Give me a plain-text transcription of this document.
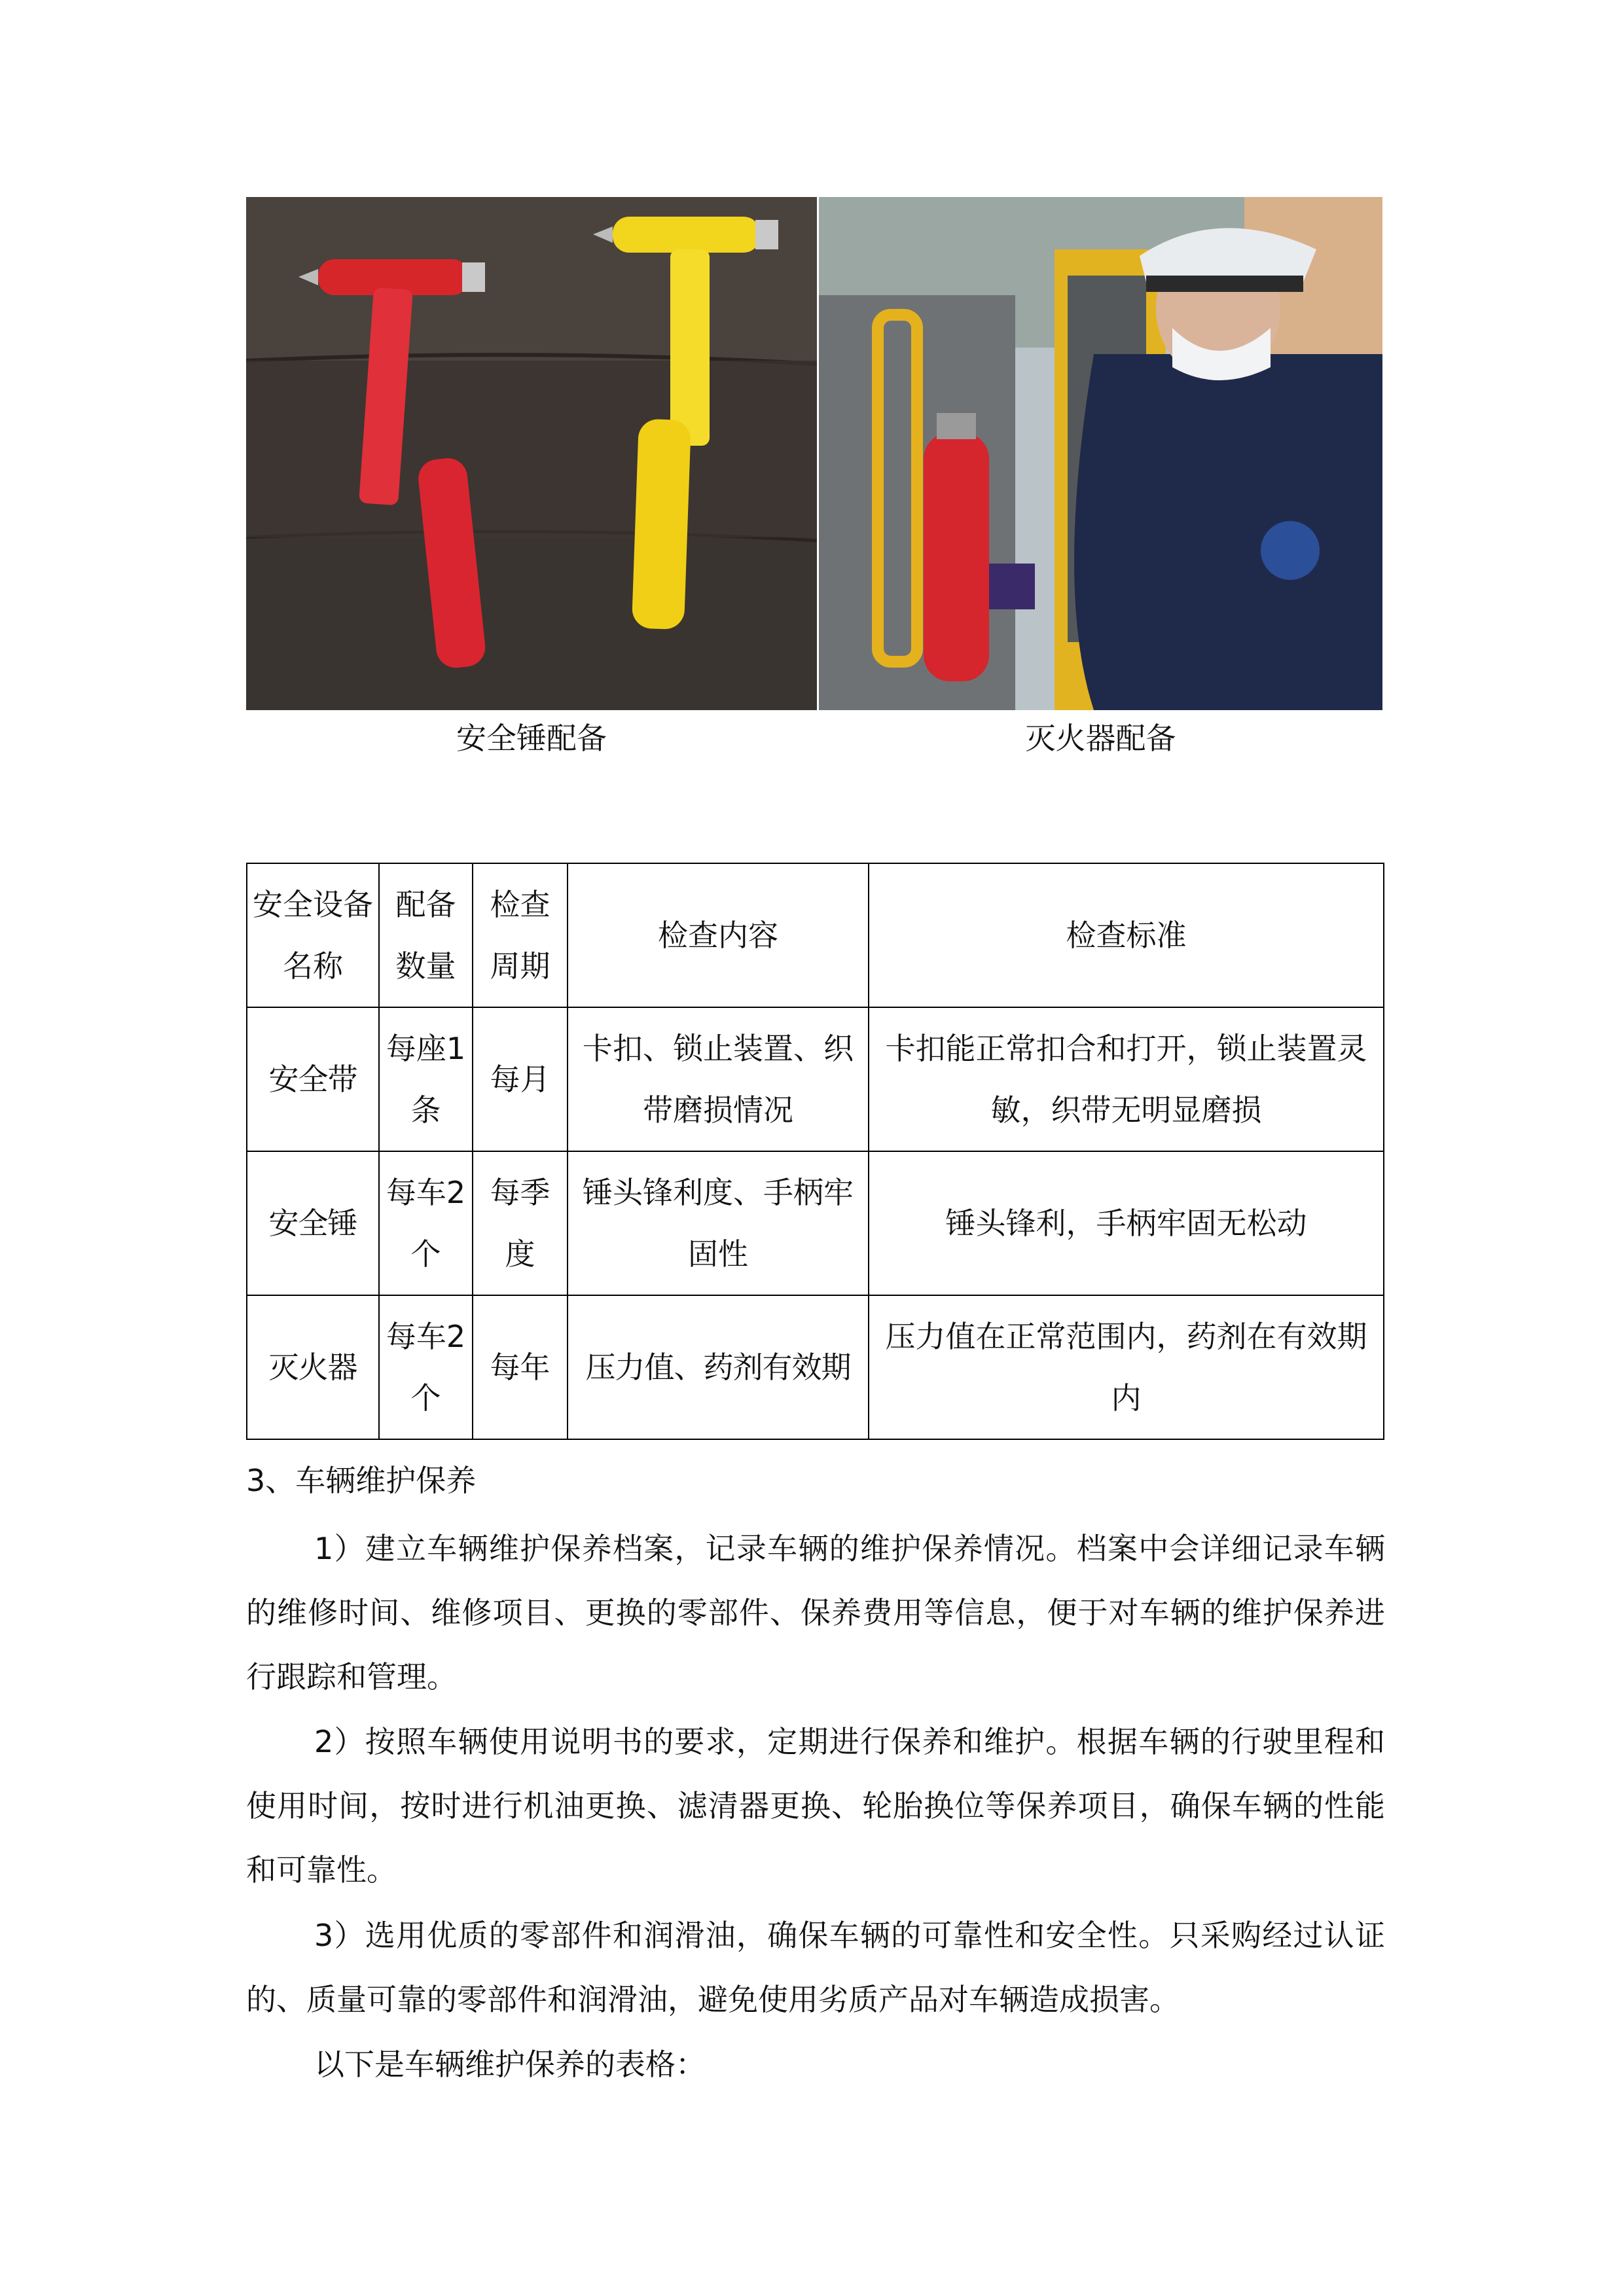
安全锤配备	灭火器配备
安全设备名称	配备数量	检查周期	检查内容	检查标准
安全带	每座1条	每月	卡扣、锁止装置、织带磨损情况	卡扣能正常扣合和打开，锁止装置灵敏，织带无明显磨损
安全锤	每车2个	每季度	锤头锋利度、手柄牢固性	锤头锋利，手柄牢固无松动
灭火器	每车2个	每年	压力值、药剂有效期	压力值在正常范围内，药剂在有效期内
3、车辆维护保养

1）建立车辆维护保养档案，记录车辆的维护保养情况。档案中会详细记录车辆的维修时间、维修项目、更换的零部件、保养费用等信息，便于对车辆的维护保养进行跟踪和管理。

2）按照车辆使用说明书的要求，定期进行保养和维护。根据车辆的行驶里程和使用时间，按时进行机油更换、滤清器更换、轮胎换位等保养项目，确保车辆的性能和可靠性。

3）选用优质的零部件和润滑油，确保车辆的可靠性和安全性。只采购经过认证的、质量可靠的零部件和润滑油，避免使用劣质产品对车辆造成损害。

以下是车辆维护保养的表格：
